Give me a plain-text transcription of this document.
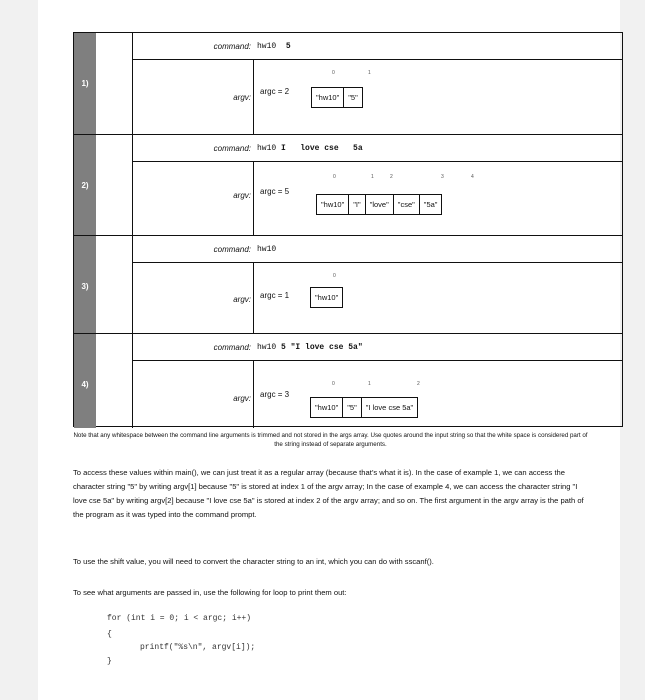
1)
command: hw10 5
argv:
argc = 2
0	1
"hw10"	"5"
2)
command: hw10 I   love cse   5a
argv: argc = 5
0	1	2	3	4
"hw10"	"I"	"love"	"cse"	"5a"
3)
command: hw10
argv: argc = 1
0
"hw10"
4)
command: hw10 5 "I love cse 5a"
argv: argc = 3
0	1	2
"hw10"	"5"	"I love cse 5a"
Note that any whitespace between the command line arguments is trimmed and not stored in the args array. Use quotes around the input string so that the white space is considered part of the string instead of separate arguments.
To access these values within main(), we can just treat it as a regular array (because that’s what it is). In the case of example 1, we can access the character string "5" by writing argv[1] because "5" is stored at index 1 of the argv array; In the case of example 4, we can access the character string "I love cse 5a" by writing argv[2] because "I love cse 5a" is stored at index 2 of the argv array; and so on. The first argument in the argv array is the path of the program as it was typed into the command prompt.
To use the shift value, you will need to convert the character string to an int, which you can do with sscanf().
To see what arguments are passed in, use the following for loop to print them out:
for (int i = 0; i < argc; i++)
{
printf("%s\n", argv[i]);
}
